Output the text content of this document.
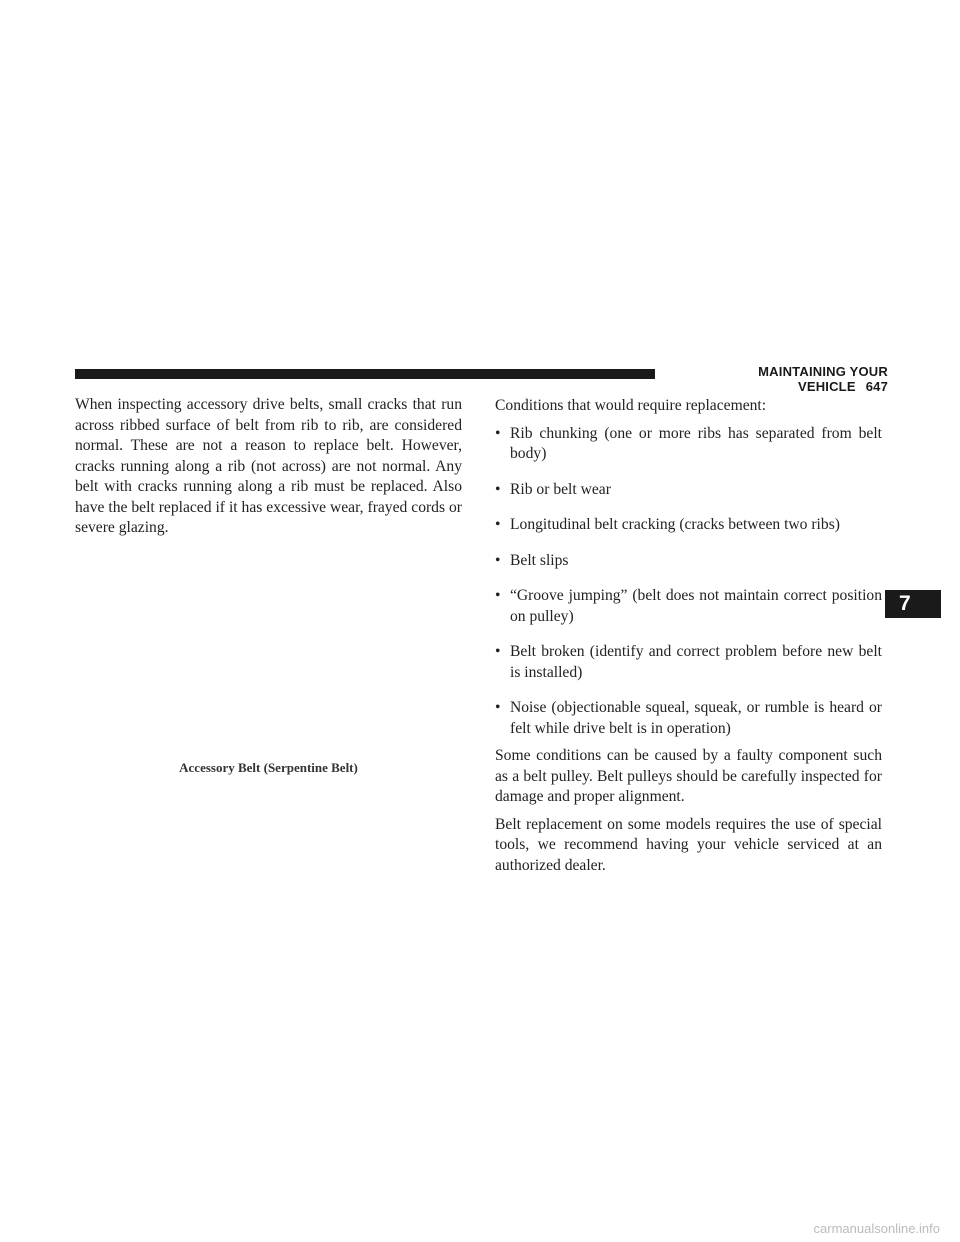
MAINTAINING YOUR VEHICLE 647

When inspecting accessory drive belts, small cracks that run across ribbed surface of belt from rib to rib, are considered normal. These are not a reason to replace belt. However, cracks running along a rib (not across) are not normal. Any belt with cracks running along a rib must be replaced. Also have the belt replaced if it has excessive wear, frayed cords or severe glazing.

Accessory Belt (Serpentine Belt)

Conditions that would require replacement:

• Rib chunking (one or more ribs has separated from belt body)
• Rib or belt wear
• Longitudinal belt cracking (cracks between two ribs)
• Belt slips
• “Groove jumping” (belt does not maintain correct position on pulley)
• Belt broken (identify and correct problem before new belt is installed)
• Noise (objectionable squeal, squeak, or rumble is heard or felt while drive belt is in operation)

Some conditions can be caused by a faulty component such as a belt pulley. Belt pulleys should be carefully inspected for damage and proper alignment.

Belt replacement on some models requires the use of special tools, we recommend having your vehicle serviced at an authorized dealer.

7
carmanualsonline.info
